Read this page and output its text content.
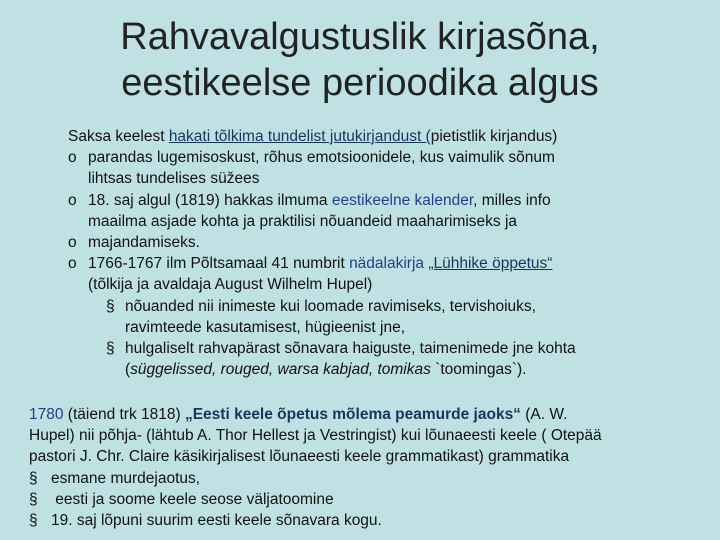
Rahvavalgustuslik kirjasõna,
eestikeelse perioodika algus
Saksa keelest hakati tõlkima tundelist jutukirjandust (pietistlik kirjandus)
o parandas lugemisoskust, rõhus emotsioonidele, kus vaimulik sõnum
lihtsas tundelises süžees
o 18. saj algul (1819) hakkas ilmuma eestikeelne kalender, milles info
maailma asjade kohta ja praktilisi nõuandeid maaharimiseks ja
o majandamiseks.
o 1766-1767 ilm Põltsamaal 41 numbrit nädalakirja „Lühhike öppetus“
(tõlkija ja avaldaja August Wilhelm Hupel)
§ nõuanded nii inimeste kui loomade ravimiseks, tervishoiuks,
ravimteede kasutamisest, hügieenist jne,
§ hulgaliselt rahvapärast sõnavara haiguste, taimenimede jne kohta
(süggelissed, rouged, warsa kabjad, tomikas `toomingas`).
1780 (täiend trk 1818) „Eesti keele õpetus mõlema peamurde jaoks“ (A. W.
Hupel) nii põhja- (lähtub A. Thor Hellest ja Vestringist) kui lõunaeesti keele ( Otepää
pastori J. Chr. Claire käsikirjalisest lõunaeesti keele grammatikast) grammatika
§ esmane murdejaotus,
§ eesti ja soome keele seose väljatoomine
§ 19. saj lõpuni suurim eesti keele sõnavara kogu.
